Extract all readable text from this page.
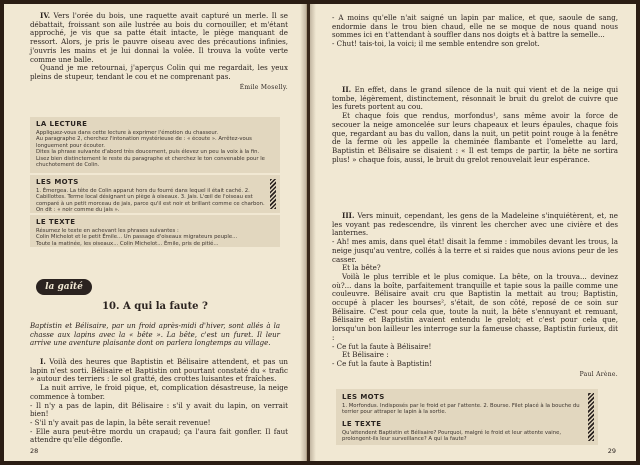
IV. Vers l'orée du bois, une raquette avait capturé un merle. Il se débattait, froissant son aile lustrée au bois du cornouiller, et m'étant approché, je vis que sa patte était intacte, le piège manquant de ressort. Alors, je pris le pauvre oiseau avec des précautions infinies, j'ouvris les mains et je lui donnai la volée. Il trouva la voûte verte comme une balle.

Quand je me retournai, j'aperçus Colin qui me regardait, les yeux pleins de stupeur, tendant le cou et ne comprenant pas.

Émile Moselly.

LA LECTURE

Appliquez-vous dans cette lecture à exprimer l'émotion du chasseur.

Au paragraphe 2, cherchez l'intonation mystérieuse de : « écoute ». Arrêtez-vous longuement pour écouter.

Dites la phrase suivante d'abord très doucement, puis élevez un peu la voix à la fin. Lisez bien distinctement le reste du paragraphe et cherchez le ton convenable pour le chuchotement de Colin.

LES MOTS

1. Émergea. La tête de Colin apparut hors du fourré dans lequel il était caché. 2. Cabillottes. Terme local désignant un piège à oiseaux. 3. Jais. L'œil de l'oiseau est comparé à un petit morceau de jais, parce qu'il est noir et brillant comme ce charbon. On dit : « noir comme du jais ».

LE TEXTE

Résumez le texte en achevant les phrases suivantes :

Colin Michelot et le petit Émile... Un passage d'oiseaux migrateurs peuple...

Toute la matinée, les oiseaux... Colin Michelot... Émile, pris de pitié...

la gaîté
10. A qui la faute ?

Baptistin et Bélisaire, par un froid après-midi d'hiver, sont allés à la chasse aux lapins avec la « bête ». La bête, c'est un furet. Il leur arrive une aventure plaisante dont on parlera longtemps au village.

I. Voilà des heures que Baptistin et Bélisaire attendent, et pas un lapin n'est sorti. Bélisaire et Baptistin ont pourtant constaté du « trafic » autour des terriers : le sol gratté, des crottes luisantes et fraîches.

La nuit arrive, le froid pique, et, complication désastreuse, la neige commence à tomber.

- Il n'y a pas de lapin, dit Bélisaire : s'il y avait du lapin, on verrait bien!

- S'il n'y avait pas de lapin, la bête serait revenue!

- Elle aura peut-être mordu un crapaud; ça l'aura fait gonfler. Il faut attendre qu'elle dégonfle.

28

- A moins qu'elle n'ait saigné un lapin par malice, et que, saoule de sang, endormie dans le trou bien chaud, elle ne se moque de nous quand nous sommes ici en t'attendant à souffler dans nos doigts et à battre la semelle...

- Chut! tais-toi, la voici; il me semble entendre son grelot.

II. En effet, dans le grand silence de la nuit qui vient et de la neige qui tombe, légèrement, distinctement, résonnait le bruit du grelot de cuivre que les furets portent au cou.

Et chaque fois que rendus, morfondus¹, sans même avoir la force de secouer la neige amoncelée sur leurs chapeaux et leurs épaules, chaque fois que, regardant au bas du vallon, dans la nuit, un petit point rouge à la fenêtre de la ferme où les appelle la cheminée flambante et l'omelette au lard, Baptistin et Bélisaire se disaient : « Il est temps de partir, la bête ne sortira plus! » chaque fois, aussi, le bruit du grelot renouvelait leur espérance.

III. Vers minuit, cependant, les gens de la Madeleine s'inquiétèrent, et, ne les voyant pas redescendre, ils vinrent les chercher avec une civière et des lanternes.

- Ah! mes amis, dans quel état! disait la femme : immobiles devant les trous, la neige jusqu'au ventre, collés à la terre et si raides que nous avions peur de les casser.

Et la bête?

Voilà le plus terrible et le plus comique. La bête, on la trouva... devinez où?... dans la boîte, parfaitement tranquille et tapie sous la paille comme une couleuvre. Bélisaire avait cru que Baptistin la mettait au trou; Baptistin, occupé à placer les bourses², s'était, de son côté, reposé de ce soin sur Bélisaire. C'est pour cela que, toute la nuit, la bête s'ennuyant et remuant, Bélisaire et Baptistin avaient entendu le grelot; et c'est pour cela que, lorsqu'un bon lailleur les interroge sur la fameuse chasse, Baptistin furieux, dit :

- Ce fut la faute à Bélisaire!

Et Bélisaire :

- Ce fut la faute à Baptistin!

Paul Arène.

LES MOTS
1. Morfondus. Indisposés par le froid et par l'attente. 2. Bourse. Filet placé à la bouche du terrier pour attraper le lapin à la sortie.
LE TEXTE
Qu'attendent Baptistin et Bélisaire? Pourquoi, malgré le froid et leur attente vaine, prolongent-ils leur surveillance? A qui la faute?
29
